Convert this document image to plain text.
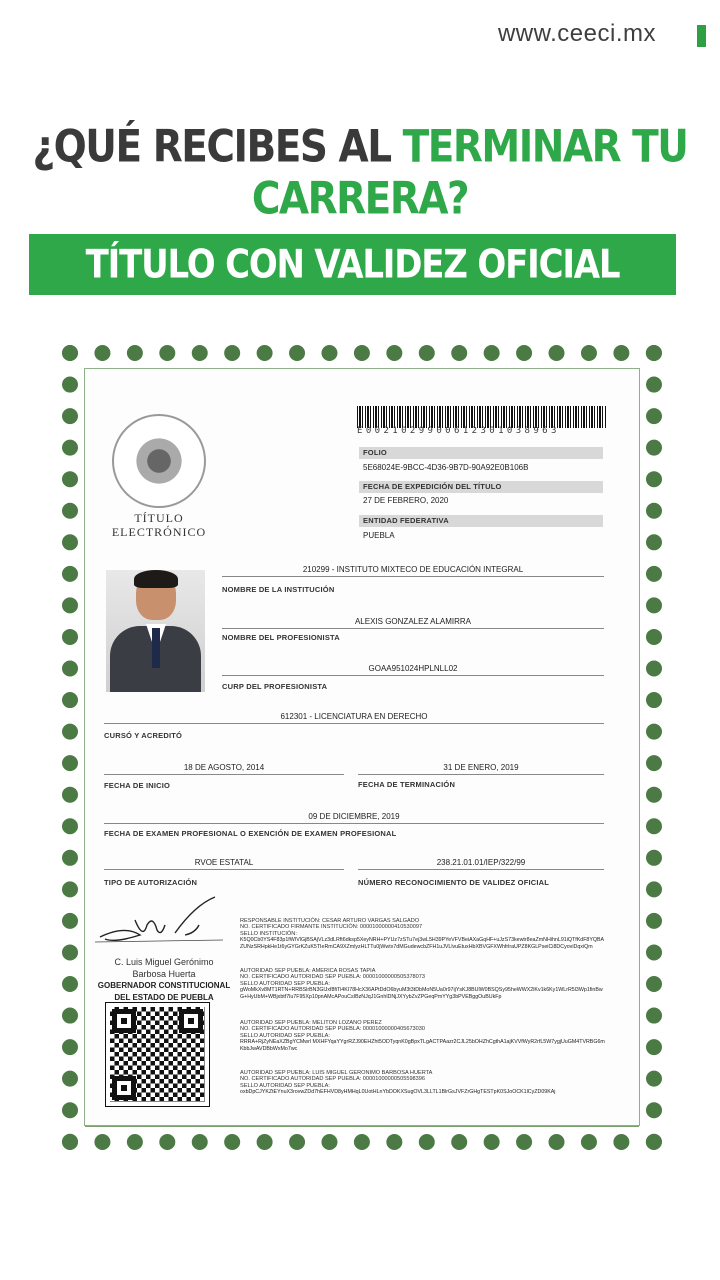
www.ceeci.mx
¿QUÉ RECIBES AL TERMINAR TU CARRERA?
TÍTULO CON VALIDEZ OFICIAL
TÍTULO
ELECTRÓNICO
E002102990061230103896​3
FOLIO
5E68024E-9BCC-4D36-9B7D-90A92E0B106B
FECHA DE EXPEDICIÓN DEL TÍTULO
27 DE FEBRERO, 2020
ENTIDAD FEDERATIVA
PUEBLA
210299 - INSTITUTO MIXTECO DE EDUCACIÓN INTEGRAL
NOMBRE DE LA INSTITUCIÓN
ALEXIS GONZALEZ ALAMIRRA
NOMBRE DEL PROFESIONISTA
GOAA951024HPLNLL02
CURP DEL PROFESIONISTA
612301 - LICENCIATURA EN DERECHO
CURSÓ Y ACREDITÓ
18 DE AGOSTO, 2014
FECHA DE INICIO
31 DE ENERO, 2019
FECHA DE TERMINACIÓN
09 DE DICIEMBRE, 2019
FECHA DE EXAMEN PROFESIONAL O EXENCIÓN DE EXAMEN PROFESIONAL
RVOE ESTATAL
TIPO DE AUTORIZACIÓN
238.21.01.01/IEP/322/99
NÚMERO RECONOCIMIENTO DE VALIDEZ OFICIAL
C. Luis Miguel Gerónimo
Barbosa Huerta
GOBERNADOR CONSTITUCIONAL
DEL ESTADO DE PUEBLA
RESPONSABLE INSTITUCIÓN: CESAR ARTURO VARGAS SALGADO
NO. CERTIFICADO FIRMANTE INSTITUCIÓN: 00001000000410530097
SELLO INSTITUCIÓN:
K5Q0Cb0YS4F83p1fWIVlGjBSAjVLz3dLRft6dksp5XeyNRH+PYUz7zSTu7ej3wL5H39PYeVFVBeiAXaGqHF+uJzS73kewtr8eaZmNHihnL91iQTfKdF8YQBAZUNzSRHpkHe1t6yGYGrKZuK5TIeRmCA9XZmlyzHLTTu0jWwtx7dMGudewcbZFH1uJVLlvuEtuxHbXBVGFXWhfrlraUPZ8KGLPseiCi8DCyoviDqxiQm
AUTORIDAD SEP PUEBLA: AMERICA ROSAS TAPIA
NO. CERTIFICADO AUTORIDAD SEP PUEBLA: 00001000000505378073
SELLO AUTORIDAD SEP PUEBLA:
gWoMkXv8MT1RTN+RRBSlrBN3GlJxf8fiTi4KI78HcX36APtDdO6byuM3t3tDbMoN5Ua0r97ijYsKJ8BUlW0BSQSy95heWWX2lKv1k6Ky1WLrR5l3Wp1finBwG+HyUbM+WBjxbtf7lu7F95Xp10pnAMcAPouCsIBzNJqJ1GnhlDNjJXYybZvZPGeqPmYYg3bPVEBggOuBUkFp
AUTORIDAD SEP PUEBLA: MELITON LOZANO PEREZ
NO. CERTIFICADO AUTORIDAD SEP PUEBLA: 00001000000405673030
SELLO AUTORIDAD SEP PUEBLA:
RRRA+RjZyNEaXZBgYCMwrl MXHFYqaYYgrRZJ90EHZht5ODTyqnK0gBpxTLgACTPAazr2CJL25bOHZhCgthA1ajKVVfWyR2rfL5W7ygjUuGM4TVRBG6mKbbJwAVDBbWxMo7wc
AUTORIDAD SEP PUEBLA: LUIS MIGUEL GERONIMO BARBOSA HUERTA
NO. CERTIFICADO AUTORIDAD SEP PUEBLA: 00001000000505598396
SELLO AUTORIDAD SEP PUEBLA:
oxbDpCJYKZtEYnuX3rovwZDd7hEFHVD8yHMHqL0UotHLnYbDOKXSugOVL3LLTL1BlrGsJVFZrGHgTESTpK0SJoOCK1lCyZD09KAj
